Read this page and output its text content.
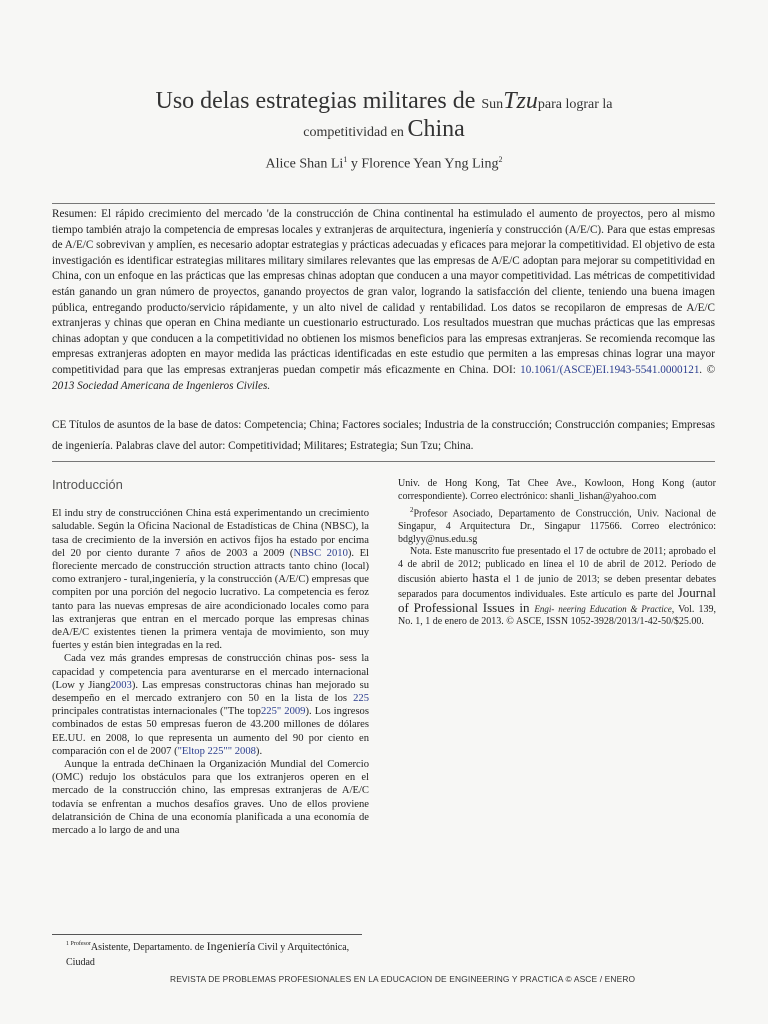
Uso delas estrategias militares de SunTzupara lograr la
competitividad en China
Alice Shan Li$^1$ y Florence Yean Yng Ling$^2$
Resumen: El rápido crecimiento del mercado 'de la construcción de China continental ha estimulado el aumento de proyectos, pero al mismo tiempo también atrajo la competencia de empresas locales y extranjeras de arquitectura, ingeniería y construcción (A/E/C). Para que estas empresas de A/E/C sobrevivan y amplíen, es necesario adoptar estrategias y prácticas adecuadas y eficaces para mejorar la competitividad. El objetivo de esta investigación es identificar estrategias militares military similares relevantes que las empresas de A/E/C adoptan para mejorar su competitividad en China, con un enfoque en las prácticas que las empresas chinas adoptan que conducen a una mayor competitividad. Las métricas de competitividad están ganando un gran número de proyectos, ganando proyectos de gran valor, logrando la satisfacción del cliente, teniendo una buena imagen pública, entregando producto/servicio rápidamente, y un alto nivel de calidad y rentabilidad. Los datos se recopilaron de empresas de A/E/C extranjeras y chinas que operan en China mediante un cuestionario estructurado. Los resultados muestran que muchas prácticas que las empresas chinas adoptan y que conducen a la competitividad no obtienen los mismos beneficios para las empresas extranjeras. Se recomienda recomque las empresas extranjeras adopten en mayor medida las prácticas identificadas en este estudio que permiten a las empresas chinas lograr una mayor competitividad para que las empresas extranjeras puedan competir más eficazmente en China. DOI: 10.1061/(ASCE)EI.1943-5541.0000121. © 2013 Sociedad Americana de Ingenieros Civiles.
CE Títulos de asuntos de la base de datos: Competencia; China; Factores sociales; Industria de la construcción; Construcción companies; Empresas de ingeniería. Palabras clave del autor: Competitividad; Militares; Estrategia; Sun Tzu; China.
Introducción

El indu stry de construcciónen China está experimentando un crecimiento saludable. Según la Oficina Nacional de Estadísticas de China (NBSC), la tasa de crecimiento de la inversión en activos fijos ha estado por encima del 20 por ciento durante 7 años de 2003 a 2009 (NBSC 2010). El floreciente mercado de construcción struction attracts tanto chino (local) como extranjero - tural,ingeniería, y la construcción (A/E/C) empresas que compiten por una porción del negocio lucrativo. La competencia es feroz tanto para las nuevas empresas de aire acondicionado locales como para las extranjeras que entran en el mercado porque las empresas chinas deA/E/C existentes tienen la primera ventaja de movimiento, son muy fuertes y están bien integradas en la red.

Cada vez más grandes empresas de construcción chinas pos- sess la capacidad y competencia para aventurarse en el mercado internacional (Low y Jiang2003). Las empresas constructoras chinas han mejorado su desempeño en el mercado extranjero con 50 en la lista de los 225 principales contratistas internacionales ("The top225" 2009). Los ingresos combinados de estas 50 empresas fueron de 43.200 millones de dólares EE.UU. en 2008, lo que representa un aumento del 90 por ciento en comparación con el de 2007 ("Eltop 225"" 2008).

Aunque la entrada deChinaen la Organización Mundial del Comercio (OMC) redujo los obstáculos para que los extranjeros operen en el mercado de la construcción chino, las empresas extranjeras de A/E/C todavía se enfrentan a muchos desafíos graves. Uno de ellos proviene delatransición de China de una economía planificada a una economía de mercado a lo largo de and una

Univ. de Hong Kong, Tat Chee Ave., Kowloon, Hong Kong (autor correspondiente). Correo electrónico: shanli_lishan@yahoo.com

$^2$Profesor Asociado, Departamento de Construcción, Univ. Nacional de Singapur, 4 Arquitectura Dr., Singapur 117566. Correo electrónico: bdglyy@nus.edu.sg

Nota. Este manuscrito fue presentado el 17 de octubre de 2011; aprobado el 4 de abril de 2012; publicado en línea el 10 de abril de 2012. Período de discusión abierto hasta el 1 de junio de 2013; se deben presentar debates separados para documentos individuales. Este artículo es parte del Journal of Professional Issues in Engi- neering Education & Practice, Vol. 139, No. 1, 1 de enero de 2013. © ASCE, ISSN 1052-3928/2013/1-42-50/$25.00.

$^{1 Profesor}$Asistente, Departamento. de Ingeniería Civil y Arquitectónica, Ciudad
REVISTA DE PROBLEMAS PROFESIONALES EN LA EDUCACION DE ENGINEERING Y PRACTICA © ASCE / ENERO
